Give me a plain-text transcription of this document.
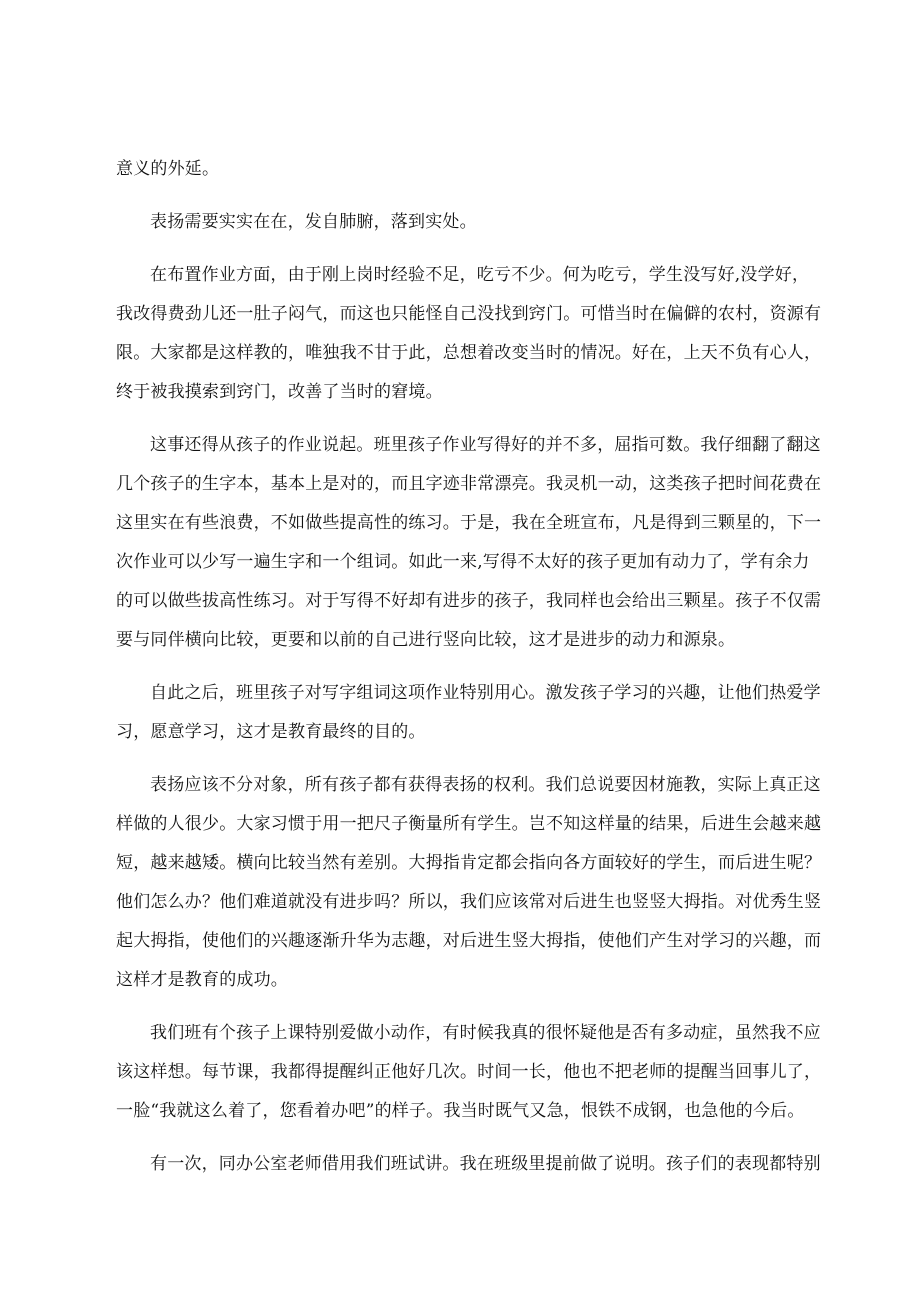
意义的外延。

表扬需要实实在在，发自肺腑，落到实处。

在布置作业方面，由于刚上岗时经验不足，吃亏不少。何为吃亏，学生没写好,没学好，我改得费劲儿还一肚子闷气，而这也只能怪自己没找到窍门。可惜当时在偏僻的农村，资源有限。大家都是这样教的，唯独我不甘于此，总想着改变当时的情况。好在，上天不负有心人，终于被我摸索到窍门，改善了当时的窘境。

这事还得从孩子的作业说起。班里孩子作业写得好的并不多，屈指可数。我仔细翻了翻这几个孩子的生字本，基本上是对的，而且字迹非常漂亮。我灵机一动，这类孩子把时间花费在这里实在有些浪费，不如做些提高性的练习。于是，我在全班宣布，凡是得到三颗星的，下一次作业可以少写一遍生字和一个组词。如此一来,写得不太好的孩子更加有动力了，学有余力的可以做些拔高性练习。对于写得不好却有进步的孩子，我同样也会给出三颗星。孩子不仅需要与同伴横向比较，更要和以前的自己进行竖向比较，这才是进步的动力和源泉。

自此之后，班里孩子对写字组词这项作业特别用心。激发孩子学习的兴趣，让他们热爱学习，愿意学习，这才是教育最终的目的。

表扬应该不分对象，所有孩子都有获得表扬的权利。我们总说要因材施教，实际上真正这样做的人很少。大家习惯于用一把尺子衡量所有学生。岂不知这样量的结果，后进生会越来越短，越来越矮。横向比较当然有差别。大拇指肯定都会指向各方面较好的学生，而后进生呢？他们怎么办？他们难道就没有进步吗？所以，我们应该常对后进生也竖竖大拇指。对优秀生竖起大拇指，使他们的兴趣逐渐升华为志趣，对后进生竖大拇指，使他们产生对学习的兴趣，而这样才是教育的成功。

我们班有个孩子上课特别爱做小动作，有时候我真的很怀疑他是否有多动症，虽然我不应该这样想。每节课，我都得提醒纠正他好几次。时间一长，他也不把老师的提醒当回事儿了，一脸“我就这么着了，您看着办吧”的样子。我当时既气又急，恨铁不成钢，也急他的今后。

有一次，同办公室老师借用我们班试讲。我在班级里提前做了说明。孩子们的表现都特别
